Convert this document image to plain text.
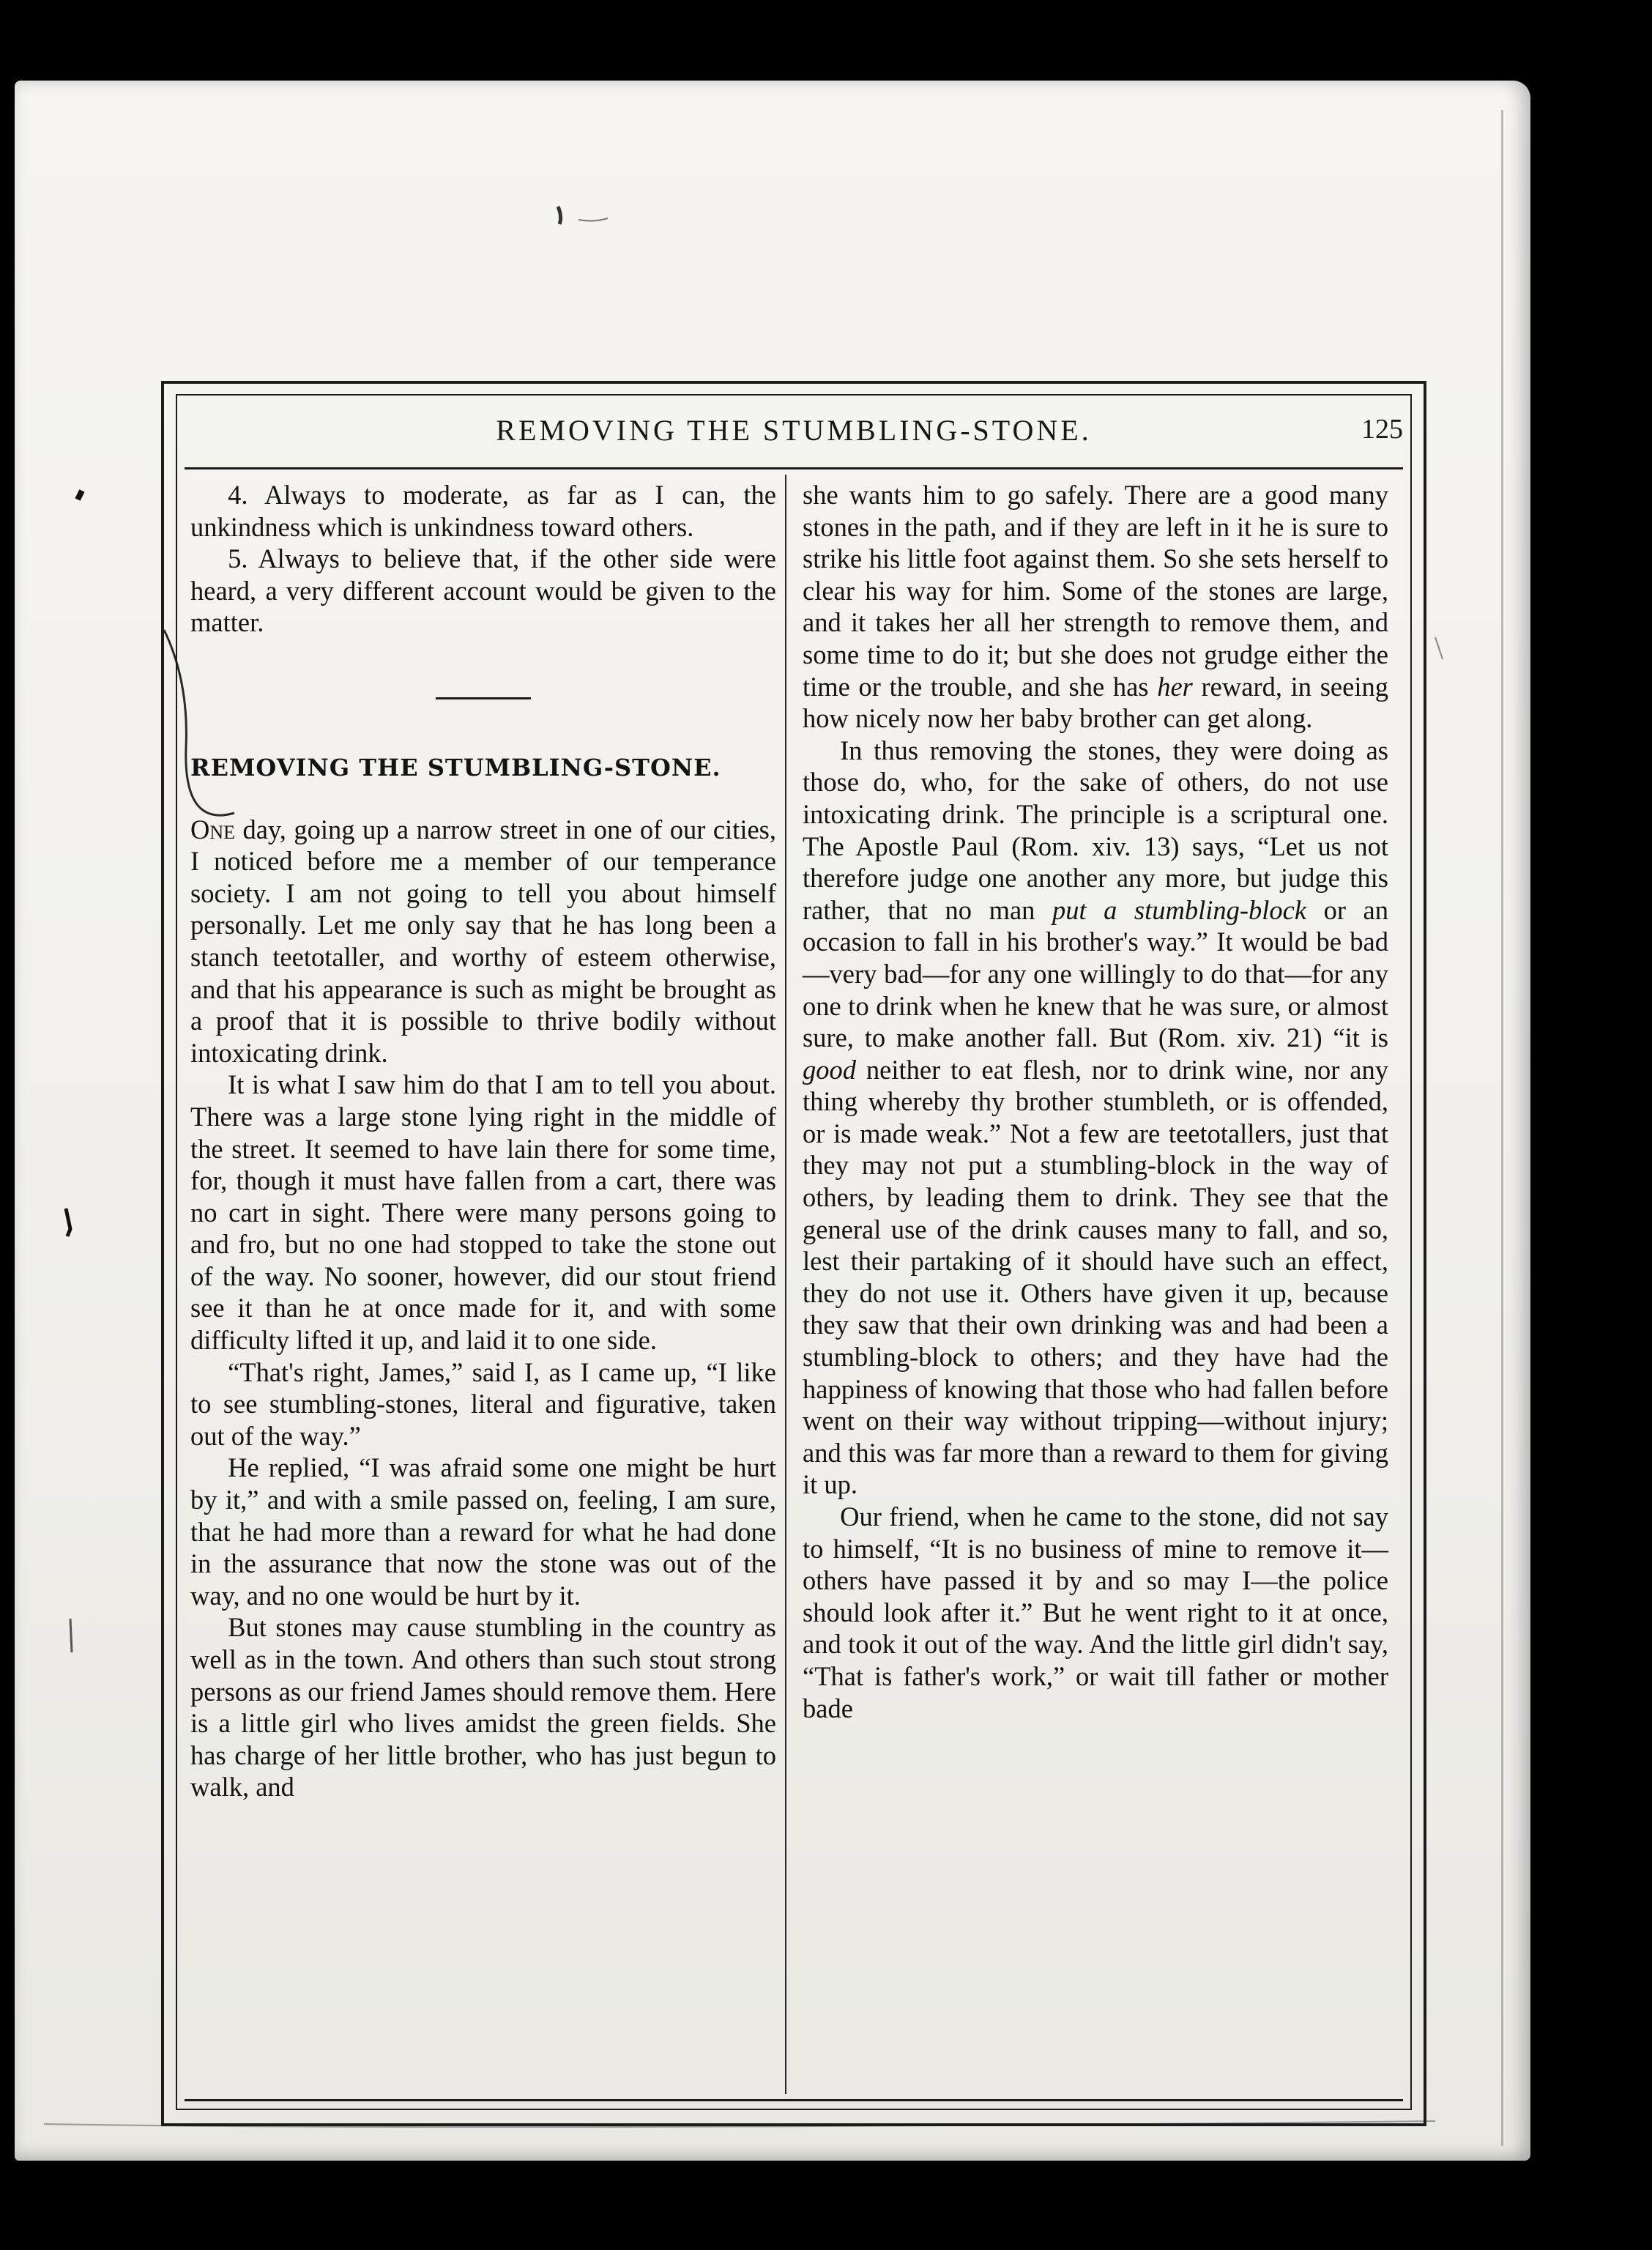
REMOVING THE STUMBLING-STONE.	125

4. Always to moderate, as far as I can, the unkindness which is unkindness toward others.

5. Always to believe that, if the other side were heard, a very different account would be given to the matter.

REMOVING THE STUMBLING-STONE.

One day, going up a narrow street in one of our cities, I noticed before me a member of our temperance society. I am not going to tell you about himself personally. Let me only say that he has long been a stanch teetotaller, and worthy of esteem otherwise, and that his appearance is such as might be brought as a proof that it is possible to thrive bodily without intoxicating drink.

It is what I saw him do that I am to tell you about. There was a large stone lying right in the middle of the street. It seemed to have lain there for some time, for, though it must have fallen from a cart, there was no cart in sight. There were many persons going to and fro, but no one had stopped to take the stone out of the way. No sooner, however, did our stout friend see it than he at once made for it, and with some difficulty lifted it up, and laid it to one side.

“That's right, James,” said I, as I came up, “I like to see stumbling-stones, literal and figurative, taken out of the way.”

He replied, “I was afraid some one might be hurt by it,” and with a smile passed on, feeling, I am sure, that he had more than a reward for what he had done in the assurance that now the stone was out of the way, and no one would be hurt by it.

But stones may cause stumbling in the country as well as in the town. And others than such stout strong persons as our friend James should remove them. Here is a little girl who lives amidst the green fields. She has charge of her little brother, who has just begun to walk, and

she wants him to go safely. There are a good many stones in the path, and if they are left in it he is sure to strike his little foot against them. So she sets herself to clear his way for him. Some of the stones are large, and it takes her all her strength to remove them, and some time to do it; but she does not grudge either the time or the trouble, and she has her reward, in seeing how nicely now her baby brother can get along.

In thus removing the stones, they were doing as those do, who, for the sake of others, do not use intoxicating drink. The principle is a scriptural one. The Apostle Paul (Rom. xiv. 13) says, “Let us not therefore judge one another any more, but judge this rather, that no man put a stumbling-block or an occasion to fall in his brother's way.” It would be bad—very bad—for any one willingly to do that—for any one to drink when he knew that he was sure, or almost sure, to make another fall. But (Rom. xiv. 21) “it is good neither to eat flesh, nor to drink wine, nor any thing whereby thy brother stumbleth, or is offended, or is made weak.” Not a few are teetotallers, just that they may not put a stumbling-block in the way of others, by leading them to drink. They see that the general use of the drink causes many to fall, and so, lest their partaking of it should have such an effect, they do not use it. Others have given it up, because they saw that their own drinking was and had been a stumbling-block to others; and they have had the happiness of knowing that those who had fallen before went on their way without tripping—without injury; and this was far more than a reward to them for giving it up.

Our friend, when he came to the stone, did not say to himself, “It is no business of mine to remove it—others have passed it by and so may I—the police should look after it.” But he went right to it at once, and took it out of the way. And the little girl didn't say, “That is father's work,” or wait till father or mother bade
